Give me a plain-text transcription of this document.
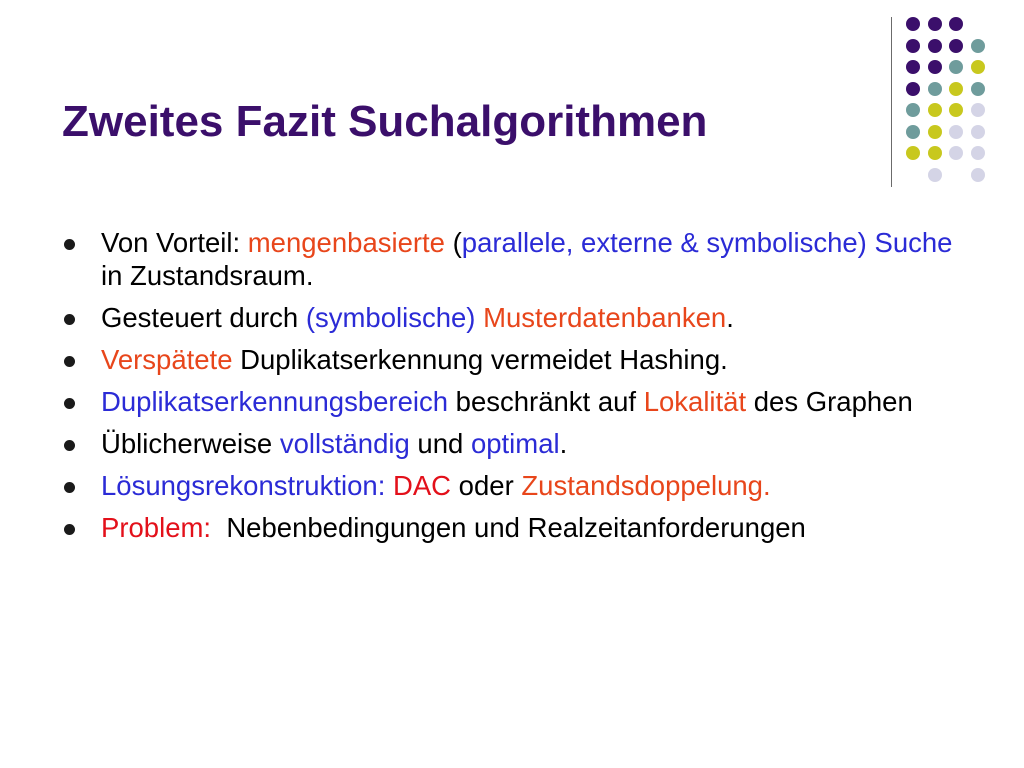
Zweites Fazit Suchalgorithmen
Von Vorteil: mengenbasierte (parallele, externe & symbolische) Suche in Zustandsraum.
Gesteuert durch (symbolische) Musterdatenbanken.
Verspätete Duplikatserkennung vermeidet Hashing.
Duplikatserkennungsbereich beschränkt auf Lokalität des Graphen
Üblicherweise vollständig und optimal.
Lösungsrekonstruktion: DAC oder Zustandsdoppelung.
Problem:  Nebenbedingungen und Realzeitanforderungen
